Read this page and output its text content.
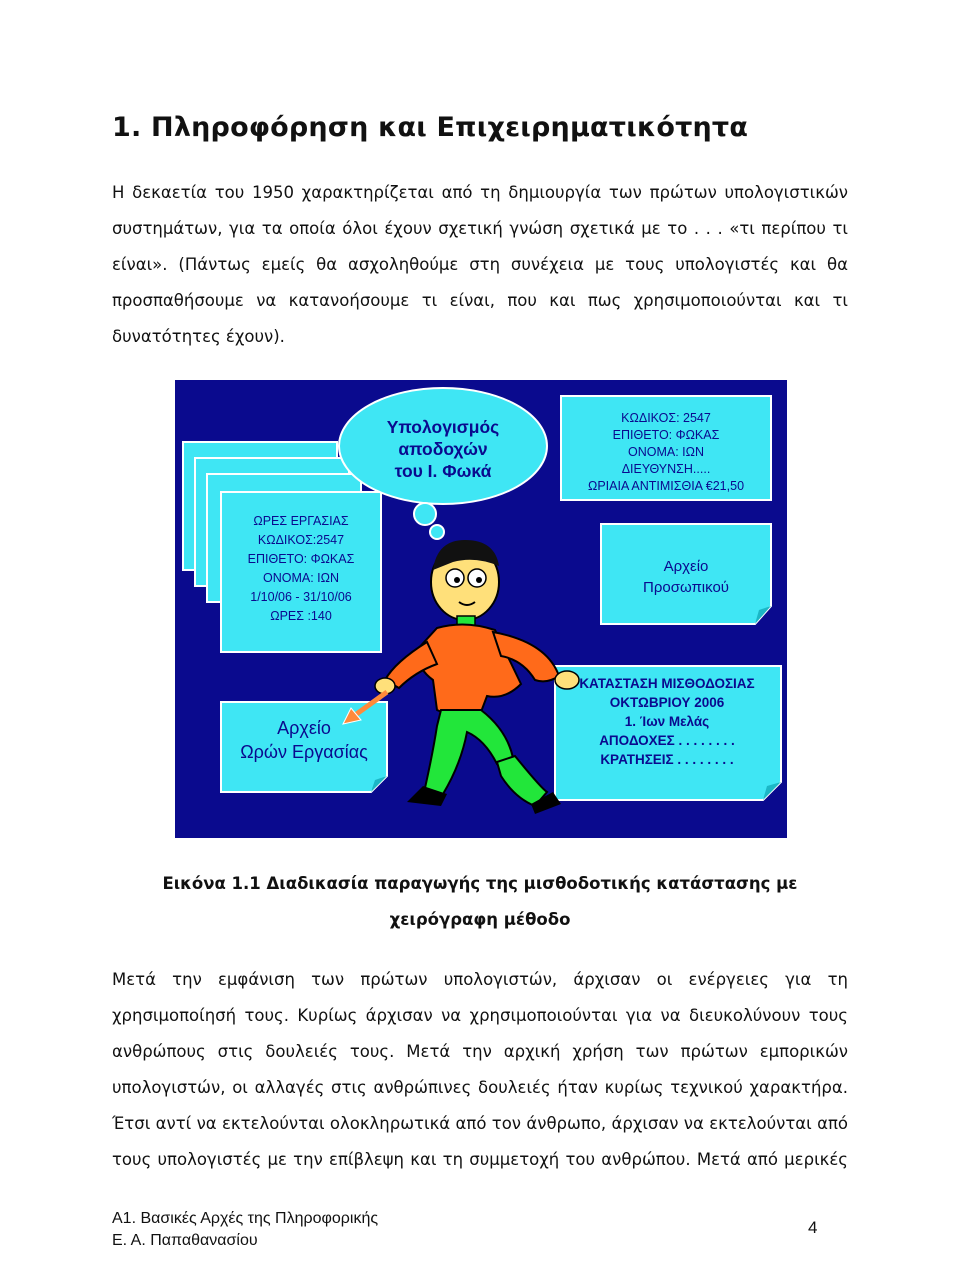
1. Πληροφόρηση και Επιχειρηματικότητα
Η δεκαετία του 1950 χαρακτηρίζεται από τη δημιουργία των πρώτων υπολογιστικών
συστημάτων, για τα οποία όλοι έχουν σχετική γνώση σχετικά με το . . . «τι περίπου τι
είναι». (Πάντως εμείς θα ασχοληθούμε στη συνέχεια με τους υπολογιστές και θα
προσπαθήσουμε να κατανοήσουμε τι είναι, που και πως χρησιμοποιούνται και τι
δυνατότητες έχουν).
Υπολογισμός
αποδοχών
του Ι. Φωκά
ΩΡΕΣ ΕΡΓΑΣΙΑΣ
ΚΩΔΙΚΟΣ:2547
ΕΠΙΘΕΤΟ: ΦΩΚΑΣ
ΟΝΟΜΑ: ΙΩΝ
1/10/06 - 31/10/06
ΩΡΕΣ :140
ΚΩΔΙΚΟΣ: 2547
ΕΠΙΘΕΤΟ: ΦΩΚΑΣ
ΟΝΟΜΑ: ΙΩΝ
ΔΙΕΥΘΥΝΣΗ.....
ΩΡΙΑΙΑ ΑΝΤΙΜΙΣΘΙΑ €21,50
Αρχείο
Προσωπικού
Αρχείο
Ωρών Εργασίας
ΚΑΤΑΣΤΑΣΗ ΜΙΣΘΟΔΟΣΙΑΣ
ΟΚΤΩΒΡΙΟΥ 2006
1. Ίων Μελάς
ΑΠΟΔΟΧΕΣ . . . . . . . .
ΚΡΑΤΗΣΕΙΣ . . . . . . . .
Εικόνα 1.1 Διαδικασία παραγωγής της μισθοδοτικής κατάστασης με
χειρόγραφη μέθοδο
Μετά την εμφάνιση των πρώτων υπολογιστών, άρχισαν οι ενέργειες για τη
χρησιμοποίησή τους. Κυρίως άρχισαν να χρησιμοποιούνται για να διευκολύνουν τους
ανθρώπους στις δουλειές τους. Μετά την αρχική χρήση των πρώτων εμπορικών
υπολογιστών, οι αλλαγές στις ανθρώπινες δουλειές ήταν κυρίως τεχνικού χαρακτήρα.
Έτσι αντί να εκτελούνται ολοκληρωτικά από τον άνθρωπο, άρχισαν να εκτελούνται από
τους υπολογιστές με την επίβλεψη και τη συμμετοχή του ανθρώπου. Μετά από μερικές
Α1. Βασικές Αρχές της Πληροφορικής
Ε. Α. Παπαθανασίου
4
